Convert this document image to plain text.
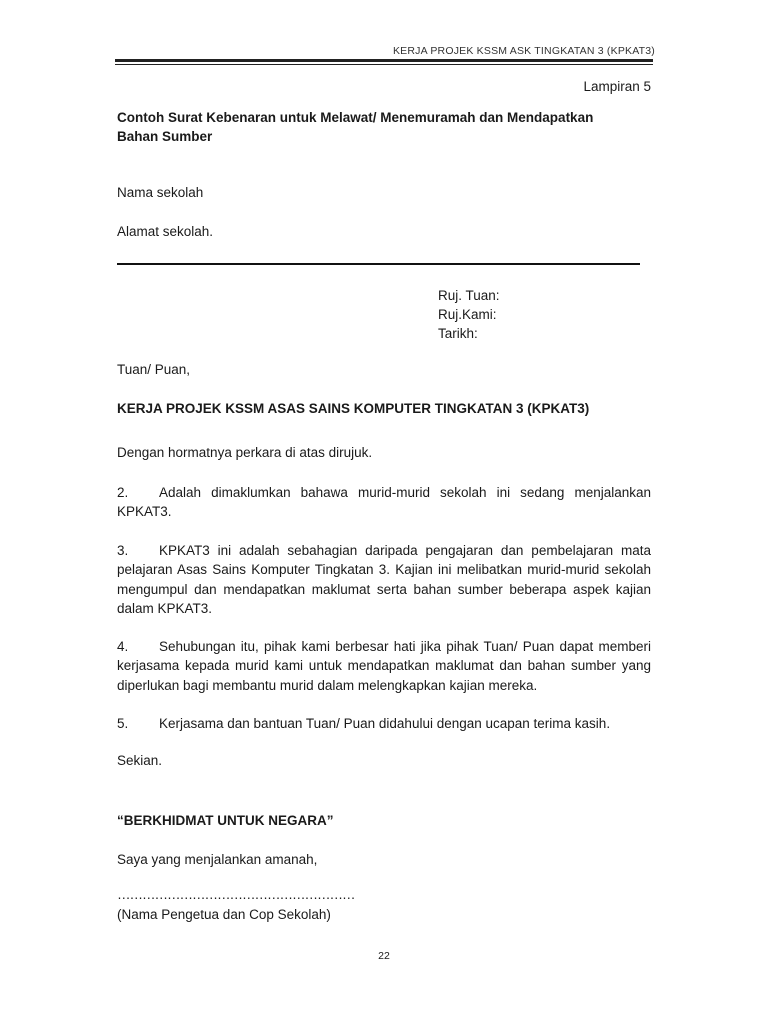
KERJA PROJEK KSSM ASK TINGKATAN 3 (KPKAT3)
Lampiran 5
Contoh Surat Kebenaran untuk Melawat/ Menemuramah dan Mendapatkan
Bahan Sumber
Nama sekolah
Alamat sekolah.
Ruj. Tuan:
Ruj.Kami:
Tarikh:
Tuan/ Puan,
KERJA PROJEK KSSM ASAS SAINS KOMPUTER TINGKATAN 3 (KPKAT3)
Dengan hormatnya perkara di atas dirujuk.
2. Adalah dimaklumkan bahawa murid-murid sekolah ini sedang menjalankan KPKAT3.
3. KPKAT3 ini adalah sebahagian daripada pengajaran dan pembelajaran mata pelajaran Asas Sains Komputer Tingkatan 3. Kajian ini melibatkan murid-murid sekolah mengumpul dan mendapatkan maklumat serta bahan sumber beberapa aspek kajian dalam KPKAT3.
4. Sehubungan itu, pihak kami berbesar hati jika pihak Tuan/ Puan dapat memberi kerjasama kepada murid kami untuk mendapatkan maklumat dan bahan sumber yang diperlukan bagi membantu murid dalam melengkapkan kajian mereka.
5. Kerjasama dan bantuan Tuan/ Puan didahului dengan ucapan terima kasih.
Sekian.
“BERKHIDMAT UNTUK NEGARA”
Saya yang menjalankan amanah,
…………………………………………………
(Nama Pengetua dan Cop Sekolah)
22
